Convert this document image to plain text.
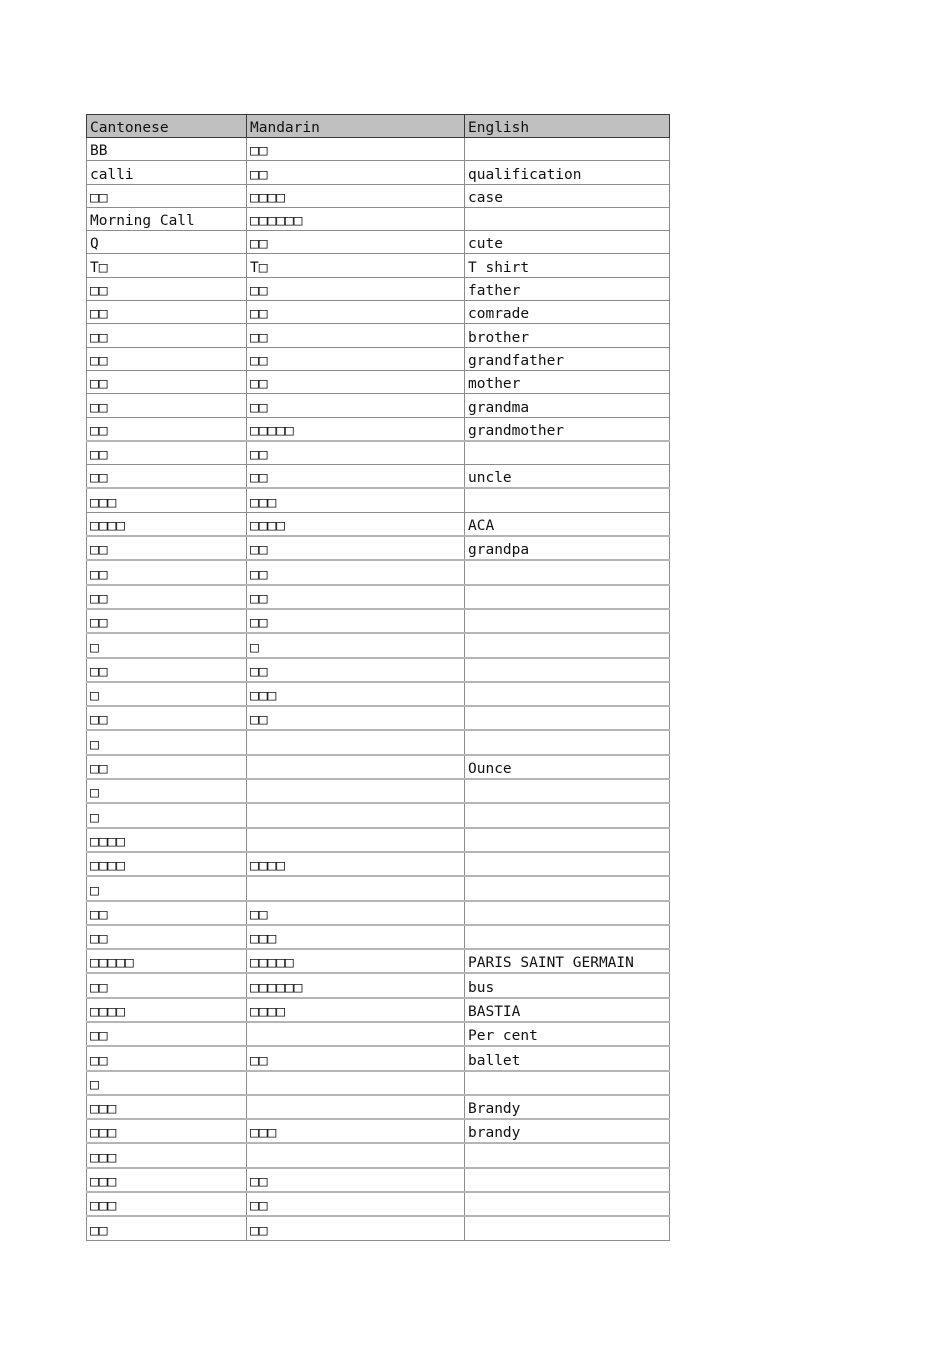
Cantonese	Mandarin	English
BB	□□	
calli	□□	qualification
□□	□□□□	case
Morning Call	□□□□□□	
Q	□□	cute
T□	T□	T shirt
□□	□□	father
□□	□□	comrade
□□	□□	brother
□□	□□	grandfather
□□	□□	mother
□□	□□	grandma
□□	□□□□□	grandmother
□□	□□	
□□	□□	uncle
□□□	□□□	
□□□□	□□□□	ACA
□□	□□	grandpa
□□	□□	
□□	□□	
□□	□□	
□	□	
□□	□□	
□	□□□	
□□	□□	
□		
□□		Ounce
□		
□		
□□□□		
□□□□	□□□□	
□		
□□	□□	
□□	□□□	
□□□□□	□□□□□	PARIS SAINT GERMAIN
□□	□□□□□□	bus
□□□□	□□□□	BASTIA
□□		Per cent
□□	□□	ballet
□		
□□□		Brandy
□□□	□□□	brandy
□□□		
□□□	□□	
□□□	□□	
□□	□□	
